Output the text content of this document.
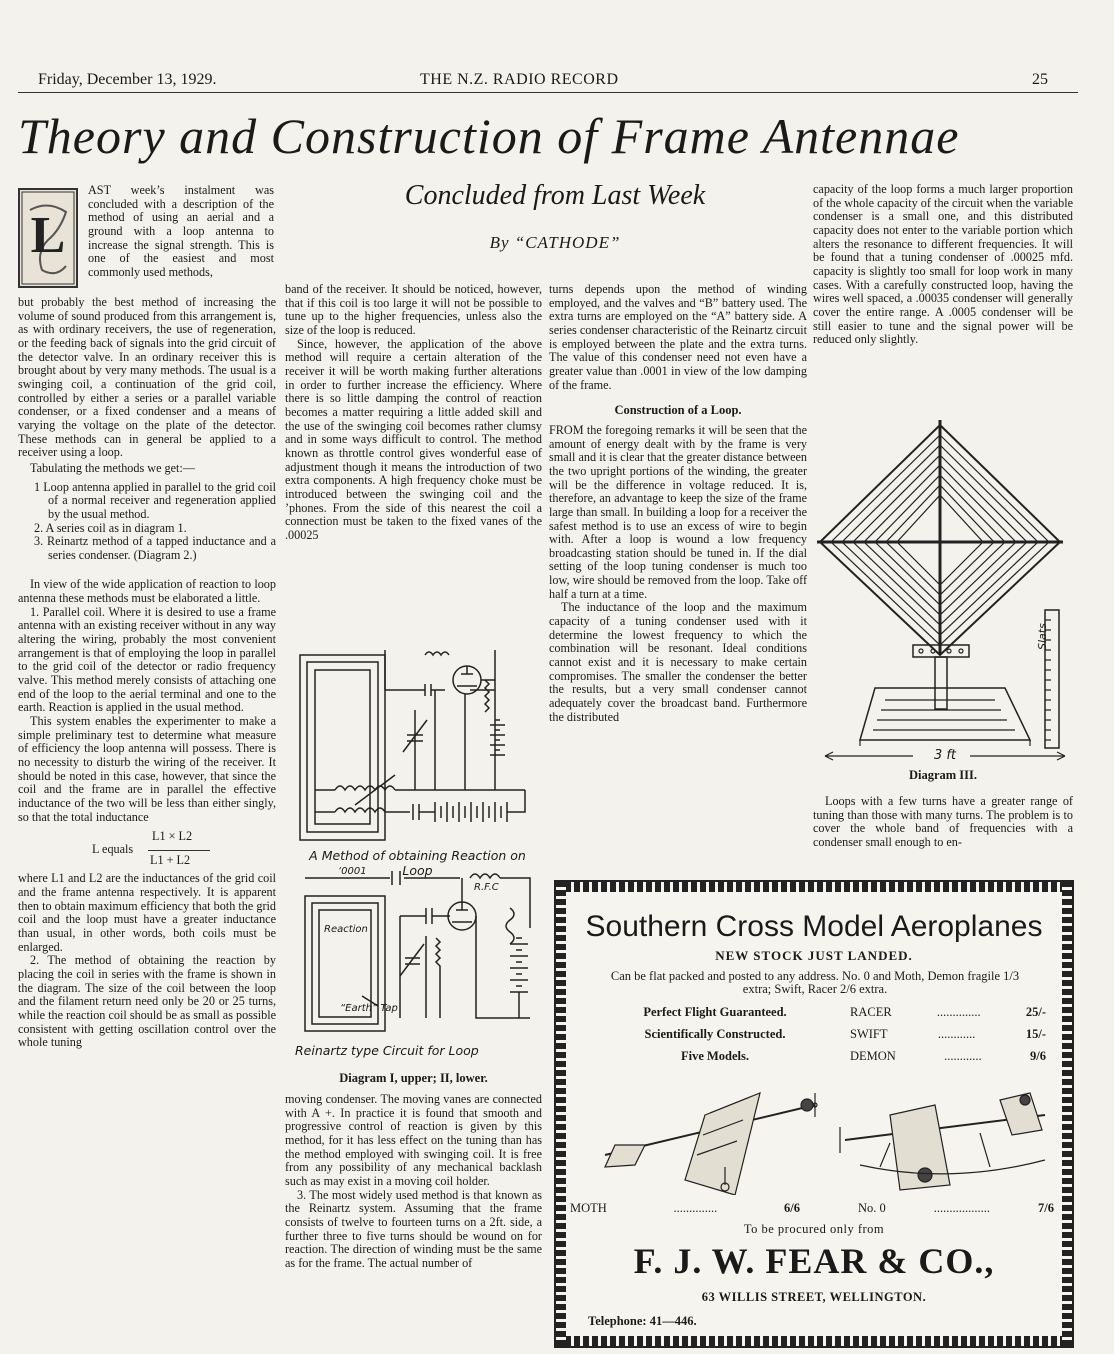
Friday, December 13, 1929.	THE N.Z. RADIO RECORD	25
Theory and Construction of Frame Antennae
Concluded from Last Week
By “CATHODE”
L

AST week’s instalment was concluded with a description of the method of using an aerial and a ground with a loop antenna to increase the signal strength. This is one of the easiest and most commonly used methods,

but probably the best method of increasing the volume of sound produced from this arrangement is, as with ordinary receivers, the use of regeneration, or the feeding back of signals into the grid circuit of the detector valve. In an ordinary receiver this is brought about by very many methods. The usual is a swinging coil, a continuation of the grid coil, controlled by either a series or a parallel variable condenser, or a fixed condenser and a means of varying the voltage on the plate of the detector. These methods can in general be applied to a receiver using a loop.

Tabulating the methods we get:—

1 Loop antenna applied in parallel to the grid coil of a normal receiver and regeneration applied by the usual method.

2. A series coil as in diagram 1.

3. Reinartz method of a tapped inductance and a series condenser. (Diagram 2.)

In view of the wide application of reaction to loop antenna these methods must be elaborated a little.

1. Parallel coil. Where it is desired to use a frame antenna with an existing receiver without in any way altering the wiring, probably the most convenient arrangement is that of employing the loop in parallel to the grid coil of the detector or radio frequency valve. This method merely consists of attaching one end of the loop to the aerial terminal and one to the earth. Reaction is applied in the usual method.

This system enables the experimenter to make a simple preliminary test to determine what measure of efficiency the loop antenna will possess. There is no necessity to disturb the wiring of the receiver. It should be noted in this case, however, that since the coil and the frame are in parallel the effective inductance of the two will be less than either singly, so that the total inductance

L1 × L2
L equals
L1 + L2

where L1 and L2 are the inductances of the grid coil and the frame antenna respectively. It is apparent then to obtain maximum efficiency that both the grid coil and the loop must have a greater inductance than usual, in other words, both coils must be enlarged.

2. The method of obtaining the reaction by placing the coil in series with the frame is shown in the diagram. The size of the coil between the loop and the filament return need only be 20 or 25 turns, while the reaction coil should be as small as possible consistent with getting oscillation control over the whole tuning

band of the receiver. It should be noticed, however, that if this coil is too large it will not be possible to tune up to the higher frequencies, unless also the size of the loop is reduced.

Since, however, the application of the above method will require a certain alteration of the receiver it will be worth making further alterations in order to further increase the efficiency. Where there is so little damping the control of reaction becomes a matter requiring a little added skill and the use of the swinging coil becomes rather clumsy and in some ways difficult to control. The method known as throttle control gives wonderful ease of adjustment though it means the introduction of two extra components. A high frequency choke must be introduced between the swinging coil and the ’phones. From the side of this nearest the coil a connection must be taken to the fixed vanes of the .00025

A Method of obtaining Reaction on Loop
‘0001
R.F.C
Reaction
“Earth” Tap
Reinartz type Circuit for Loop
Diagram I, upper; II, lower.

moving condenser. The moving vanes are connected with A +. In practice it is found that smooth and progressive control of reaction is given by this method, for it has less effect on the tuning than has the method employed with swinging coil. It is free from any possibility of any mechanical backlash such as may exist in a moving coil holder.

3. The most widely used method is that known as the Reinartz system. Assuming that the frame consists of twelve to fourteen turns on a 2ft. side, a further three to five turns should be wound on for reaction. The direction of winding must be the same as for the frame. The actual number of

turns depends upon the method of winding employed, and the valves and “B” battery used. The extra turns are employed on the “A” battery side. A series condenser characteristic of the Reinartz circuit is employed between the plate and the extra turns. The value of this condenser need not even have a greater value than .0001 in view of the low damping of the frame.

Construction of a Loop.

FROM the foregoing remarks it will be seen that the amount of energy dealt with by the frame is very small and it is clear that the greater distance between the two upright portions of the winding, the greater will be the difference in voltage reduced. It is, therefore, an advantage to keep the size of the frame large than small. In building a loop for a receiver the safest method is to use an excess of wire to begin with. After a loop is wound a low frequency broadcasting station should be tuned in. If the dial setting of the loop tuning condenser is much too low, wire should be removed from the loop. Take off half a turn at a time.

The inductance of the loop and the maximum capacity of a tuning condenser used with it determine the lowest frequency to which the combination will be resonant. Ideal conditions cannot exist and it is necessary to make certain compromises. The smaller the condenser the better the results, but a very small condenser cannot adequately cover the broadcast band. Furthermore the distributed

capacity of the loop forms a much larger proportion of the whole capacity of the circuit when the variable condenser is a small one, and this distributed capacity does not enter to the variable portion which alters the resonance to different frequencies. It will be found that a tuning condenser of .00025 mfd. capacity is slightly too small for loop work in many cases. With a carefully constructed loop, having the wires well spaced, a .00035 condenser will generally cover the entire range. A .0005 condenser will be still easier to tune and the signal power will be reduced only slightly.

3 ft
Slats
Diagram III.

Loops with a few turns have a greater range of tuning than those with many turns. The problem is to cover the whole band of frequencies with a condenser small enough to en-

Southern Cross Model Aeroplanes
NEW STOCK JUST LANDED.
Can be flat packed and posted to any address. No. 0 and Moth, Demon fragile 1/3 extra; Swift, Racer 2/6 extra.
Perfect Flight Guaranteed.
Scientifically Constructed.
Five Models.
RACER	..............	25/-
SWIFT	............	15/-
DEMON	............	9/6
MOTH	..............	6/6	No. 0	..................	7/6
To be procured only from
F. J. W. FEAR & CO.,
63 WILLIS STREET, WELLINGTON.
Telephone: 41—446.
